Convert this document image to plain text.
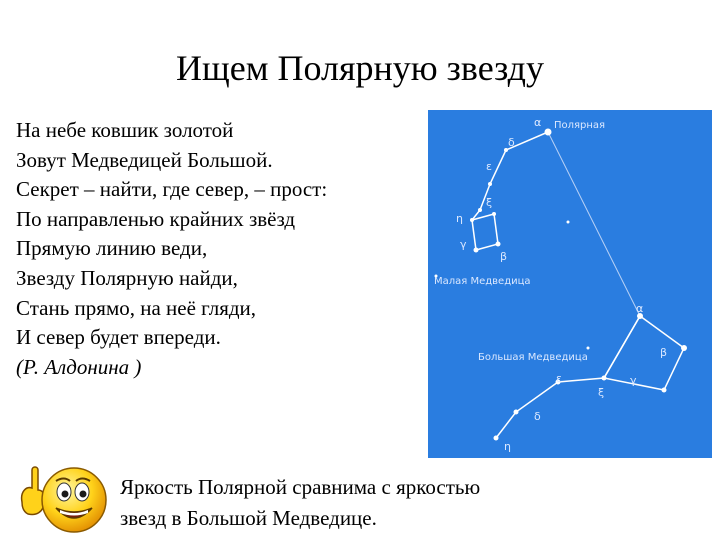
Ищем Полярную звезду
На небе ковшик золотой
Зовут Медведицей Большой.
Секрет – найти, где север, – прост:
По направленью крайних звёзд
Прямую линию веди,
Звезду Полярную найди,
Стань прямо, на неё гляди,
И север будет впереди.
(Р. Алдонина )
Полярная
Малая Медведица
Большая Медведица
α
δ
ε
ξ
η
γ
β
α
β
γ
ξ
ε
δ
η
Яркость Полярной сравнима с яркостью
звезд в Большой Медведице.
